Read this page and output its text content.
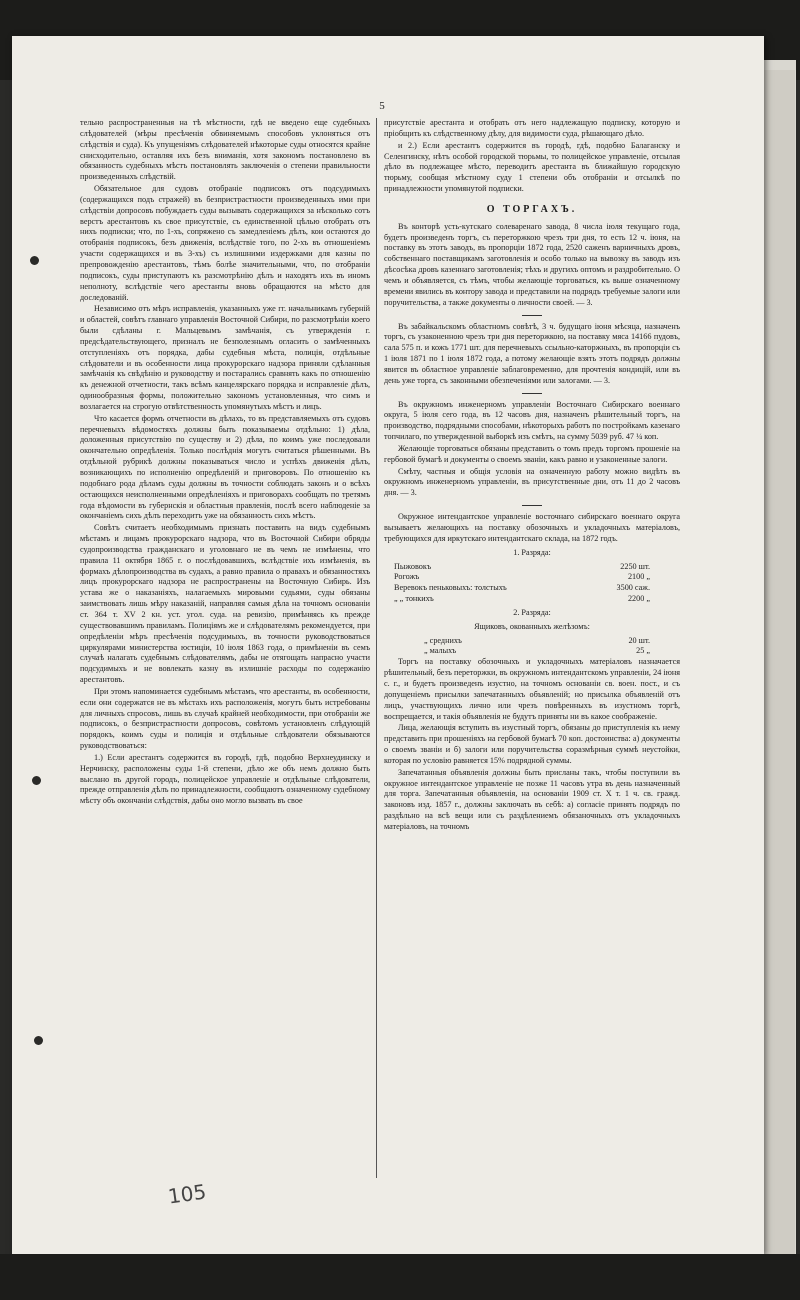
5

тельно распространенныя на тѣ мѣстности, гдѣ не введено еще судебныхъ слѣдователей (мѣры пресѣченія обвиняемымъ способовъ уклоняться отъ слѣдствія и суда). Къ упущеніямъ слѣдователей нѣкоторые суды относятся крайне снисходительно, оставляя ихъ безъ вниманія, хотя закономъ постановлено въ обязанность судебныхъ мѣстъ постановлять заключенія о степени правильности произведенныхъ слѣдствій.

Обязательное для судовъ отобраніе подписокъ отъ подсудимыхъ (содержащихся подъ стражей) въ безпристрастности произведенныхъ ими при слѣдствіи допросовъ побуждаетъ суды вызывать содержащихся за нѣсколько сотъ верстъ арестантовъ къ свое присутствіе, съ единственной цѣлью отобрать отъ нихъ подписки; что, по 1-хъ, сопряжено съ замедленіемъ дѣлъ, кои остаются до отобранія подписокъ, безъ движенія, вслѣдствіе того, по 2-хъ въ отношеніемъ участи содержащихся и въ 3-хъ) съ излишними издержками для казны по препровожденію арестантовъ, тѣмъ болѣе значительными, что, по отобраніи подписокъ, суды приступаютъ къ разсмотрѣнію дѣлъ и находятъ ихъ въ иномъ неполноту, вслѣдствіе чего арестанты вновь обращаются на мѣсто для доследованій.

Независимо отъ мѣръ исправленія, указанныхъ уже гг. начальникамъ губерній и областей, совѣтъ главнаго управленія Восточной Сибири, по разсмотрѣніи коего были сдѣланы г. Мальцевымъ замѣчанія, съ утвержденія г. предсѣдательствующего, призналъ не безполезнымъ огласить о замѣченныхъ отступленіяхъ отъ порядка, дабы судебныя мѣста, полиція, отдѣльные слѣдователи и въ особенности лица прокурорскаго надзора приняли сдѣланныя замѣчанія къ свѣдѣнію и руководству и постарались сравнять какъ по отношенію къ денежной отчетности, такъ всѣмъ канцелярскаго порядка и исправленіе дѣлъ, одинообразныя формы, положительно закономъ установленныя, что симъ и возлагается на строгую отвѣтственность упомянутыхъ мѣстъ и лицъ.

Что касается формъ отчетности въ дѣлахъ, то въ представляемыхъ отъ судовъ перечневыхъ вѣдомостяхъ должны быть показываемы отдѣльно: 1) дѣла, доложенныя присутствію по существу и 2) дѣла, по коимъ уже последовали окончательно опредѣленія. Только послѣднія могутъ считаться рѣшенными. Въ отдѣльной рубрикѣ должны показываться число и успѣхъ движенія дѣлъ, возникающихъ по исполненію опредѣленій и приговоровъ. По отношенію къ подобнаго рода дѣламъ суды должны въ точности соблюдать законъ и о всѣхъ остающихся неисполненными опредѣленіяхъ и приговорахъ сообщать по третямъ года вѣдомости въ губернскія и областныя правленія, послѣ всего наблюденіе за окончаніемъ сихъ дѣлъ переходитъ уже на обязанность сихъ мѣстъ.

Совѣтъ считаетъ необходимымъ признать поставить на видъ судебнымъ мѣстамъ и лицамъ прокурорскаго надзора, что въ Восточной Сибири обряды судопроизводства гражданскаго и уголовнаго не въ чемъ не измѣнены, что правила 11 октября 1865 г. о послѣдовавшихъ, вслѣдствіе ихъ измѣненія, въ формахъ дѣлопроизводства въ судахъ, а равно правила о правахъ и обязанностяхъ лицъ прокурорскаго надзора не распространены на Восточную Сибирь. Изъ устава же о наказаніяхъ, налагаемыхъ мировыми судьями, суды обязаны заимствовать лишь мѣру наказаній, направляя самыя дѣла на точномъ основаніи ст. 364 т. XV 2 кн. уст. угол. суда. на ревизію, примѣняясь къ прежде существовавшимъ правиламъ. Полиціямъ же и слѣдователямъ рекомендуется, при опредѣленіи мѣръ пресѣченія подсудимыхъ, въ точности руководствоваться циркулярами министерства юстиціи, 10 іюля 1863 года, о примѣненіи въ семъ случаѣ налагать судебнымъ слѣдователямъ, дабы не отягощать напрасно участи подсудимыхъ и не вовлекать казну въ излишніе расходы по содержанію арестантовъ.

При этомъ напоминается судебнымъ мѣстамъ, что арестанты, въ особенности, если они содержатся не въ мѣстахъ ихъ расположенія, могутъ быть истребованы для личныхъ спросовъ, лишь въ случаѣ крайней необходимости, при отобраніи же подписокъ, о безпристрастности допросовъ, совѣтомъ установленъ слѣдующій порядокъ, коимъ суды и полиція и отдѣльные слѣдователи обязываются руководствоваться:

1.) Если арестантъ содержится въ городѣ, гдѣ, подобно Верхнеудинску и Нерчинску, расположены суды 1-й степени, дѣло же объ немъ должно быть выслано въ другой городъ, полицейское управленіе и отдѣльные слѣдователи, прежде отправленія дѣлъ по принадлежности, сообщаютъ означенному судебному мѣсту объ окончаніи слѣдствія, дабы оно могло вызвать въ свое

присутствіе арестанта и отобрать отъ него надлежащую подписку, которую и пріобщить къ слѣдственному дѣлу, для видимости суда, рѣшающаго дѣло.

и 2.) Если арестантъ содержится въ городѣ, гдѣ, подобно Балаганску и Селенгинску, нѣтъ особой городской тюрьмы, то полицейское управленіе, отсылая дѣло въ подлежащее мѣсто, переводитъ арестанта въ ближайшую городскую тюрьму, сообщая мѣстному суду 1 степени объ отобраніи и отсылкѣ по принадлежности упомянутой подписки.

О ТОРГАХЪ.

Въ конторѣ усть-кутскаго солеваренаго завода, 8 числа іюля текущаго года, будетъ произведенъ торгъ, съ переторжкою чрезъ три дня, то есть 12 ч. іюня, на поставку въ этотъ заводъ, въ пропорціи 1872 года, 2520 саженъ варничныхъ дровъ, собственнаго поставщикамъ заготовленія и особо только на вывозку въ заводъ изъ дѣсосѣка дровъ казеннаго заготовленія; тѣхъ и другихъ оптомъ и раздробительно. О чемъ и объявляется, съ тѣмъ, чтобы желающіе торговаться, къ выше означенному времени явились въ контору завода и представили на подрядъ требуемые залоги или поручительства, а также документы о личности своей. — 3.

Въ забайкальскомъ областномъ совѣтѣ, 3 ч. будущаго іюня мѣсяца, назначенъ торгъ, съ узаконенною чрезъ три дня переторжкою, на поставку мяса 14166 пудовъ, сала 575 п. и кожъ 1771 шт. для перечневыхъ ссыльно-каторжныхъ, въ пропорціи съ 1 іюля 1871 по 1 іюля 1872 года, а потому желающіе взять этотъ подрядъ должны явится въ областное управленіе заблаговременно, для прочтенія кондицій, или въ день уже торга, съ законными обезпеченіями или залогами. — 3.

Въ окружномъ инженерномъ управленіи Восточнаго Сибирскаго военнаго округа, 5 іюля сего года, въ 12 часовъ дня, назначенъ рѣшительный торгъ, на производство, подрядными способами, нѣкоторыхъ работъ по постройкамъ казенаго топчилаго, по утвержденной выборкѣ изъ смѣтъ, на сумму 5039 руб. 47 ¼ коп.

Желающіе торговаться обязаны представить о томъ предъ торгомъ прошеніе на гербовой бумагѣ и документы о своемъ званіи, какъ равно и узаконенные залоги.

Смѣту, частныя и общія условія на означенную работу можно видѣть въ окружномъ инженерномъ управленіи, въ присутственные дни, отъ 11 до 2 часовъ дня. — 3.

Окружное интендантское управленіе восточнаго сибирскаго военнаго округа вызываетъ желающихъ на поставку обозочныхъ и укладочныхъ матеріаловъ, требующихся для иркутскаго интендантскаго склада, на 1872 годъ.

1. Разряда:
Пыжовокъ	2250 шт.
Рогожъ	2100 „
Веревокъ пеньковыхъ: толстыхъ	3500 саж.
„ „ тонкихъ	2200 „
2. Разряда:
Ящиковъ, окованныхъ желѣзомъ:
„ среднихъ	20 шт.
„ малыхъ	25 „

Торгъ на поставку обозочныхъ и укладочныхъ матеріаловъ назначается рѣшительный, безъ переторжки, въ окружномъ интендантскомъ управленіи, 24 іюня с. г., и будетъ произведенъ изустно, на точномъ основаніи св. воен. пост., и съ допущеніемъ присылки запечатанныхъ объявленій; но присылка объявленій отъ лицъ, участвующихъ лично или чрезъ повѣренныхъ въ изустномъ торгѣ, воспрещается, и такія объявленія не будутъ приняты ни въ какое соображеніе.

Лица, желающія вступить въ изустный торгъ, обязаны до приступленія къ нему представить при прошеніяхъ на гербовой бумагѣ 70 коп. достоинства: а) документы о своемъ званіи и б) залоги или поручительства соразмѣрныя суммѣ неустойки, которая по условію равняется 15% подрядной суммы.

Запечатанныя объявленія должны быть присланы такъ, чтобы поступили въ окружное интендантское управленіе не позже 11 часовъ утра въ день назначенный для торга. Запечатанныя объявленія, на основаніи 1909 ст. Х т. 1 ч. св. гражд. законовъ изд. 1857 г., должны заключать въ себѣ: а) согласіе принять подрядъ по раздѣльно на всѣ вещи или съ раздѣлениемъ обязаночныхъ отъ укладочныхъ матеріаловъ, на точномъ

105
